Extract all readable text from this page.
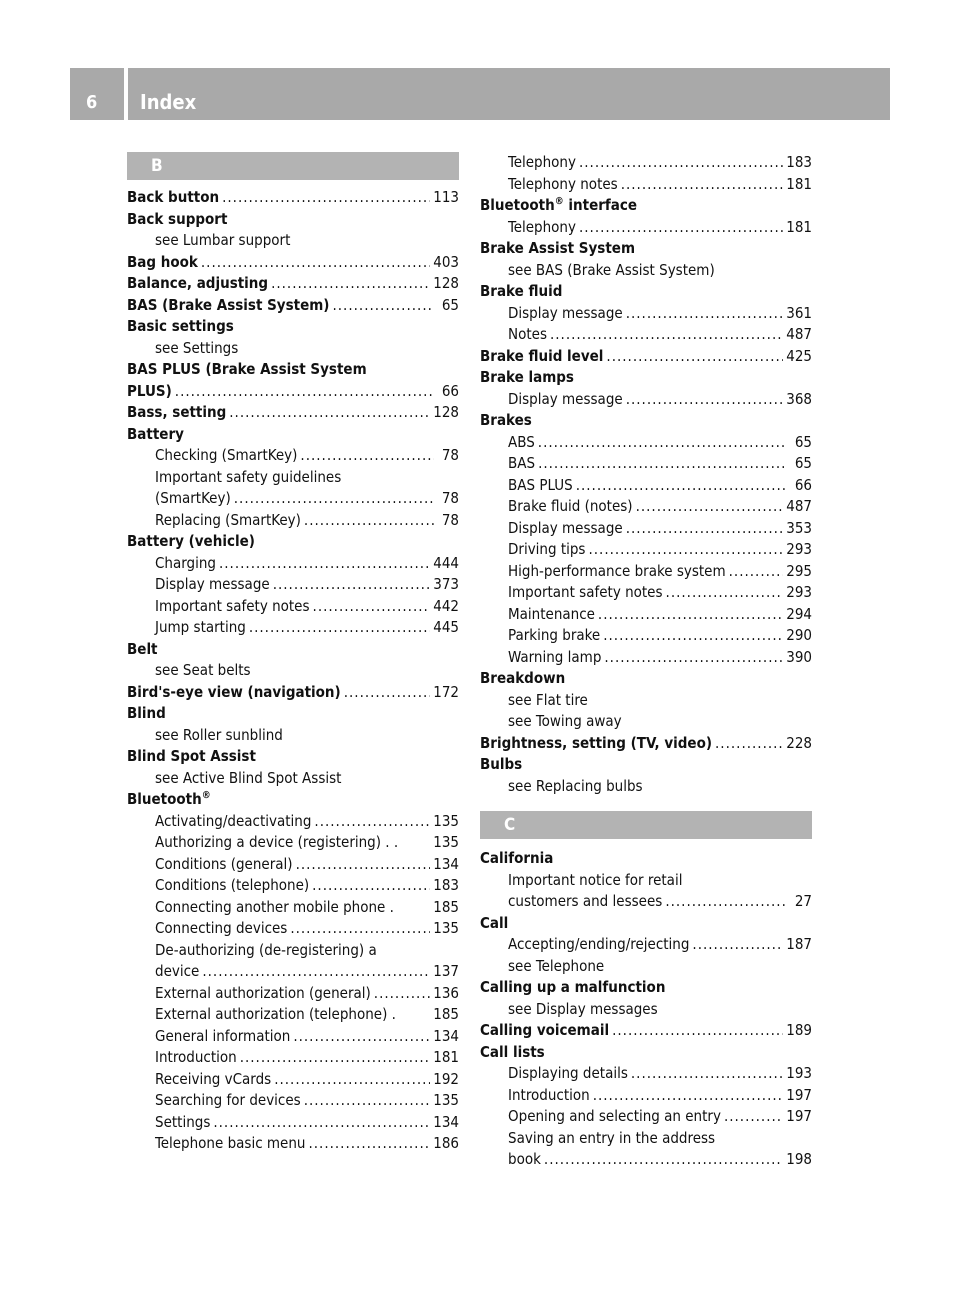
6 Index
B
Back button .....	113
Back support
see Lumbar support
Bag hook .....	403
Balance, adjusting .....	128
BAS (Brake Assist System) .....	65
Basic settings
see Settings
BAS PLUS (Brake Assist System
PLUS) .....	66
Bass, setting .....	128
Battery
Checking (SmartKey) .....	78
Important safety guidelines
(SmartKey) .....	78
Replacing (SmartKey) .....	78
Battery (vehicle)
Charging .....	444
Display message .....	373
Important safety notes .....	442
Jump starting .....	445
Belt
see Seat belts
Bird's-eye view (navigation) .....	172
Blind
see Roller sunblind
Blind Spot Assist
see Active Blind Spot Assist
Bluetooth®
Activating/deactivating .....	135
Authorizing a device (registering) . . 135
Conditions (general) .....	134
Conditions (telephone) .....	183
Connecting another mobile phone .	185
Connecting devices .....	135
De-authorizing (de-registering) a
device .....	137
External authorization (general) .....	136
External authorization (telephone) . 185
General information .....	134
Introduction .....	181
Receiving vCards .....	192
Searching for devices .....	135
Settings .....	134
Telephone basic menu .....	186
Telephony .....	183
Telephony notes .....	181
Bluetooth® interface
Telephony .....	181
Brake Assist System
see BAS (Brake Assist System)
Brake fluid
Display message .....	361
Notes .....	487
Brake fluid level .....	425
Brake lamps
Display message .....	368
Brakes
ABS .....	65
BAS .....	65
BAS PLUS .....	66
Brake fluid (notes) .....	487
Display message .....	353
Driving tips .....	293
High-performance brake system .....	295
Important safety notes .....	293
Maintenance .....	294
Parking brake .....	290
Warning lamp .....	390
Breakdown
see Flat tire
see Towing away
Brightness, setting (TV, video) .....	228
Bulbs
see Replacing bulbs
C
California
Important notice for retail
customers and lessees .....	27
Call
Accepting/ending/rejecting .....	187
see Telephone
Calling up a malfunction
see Display messages
Calling voicemail .....	189
Call lists
Displaying details .....	193
Introduction .....	197
Opening and selecting an entry .....	197
Saving an entry in the address
book .....	198
